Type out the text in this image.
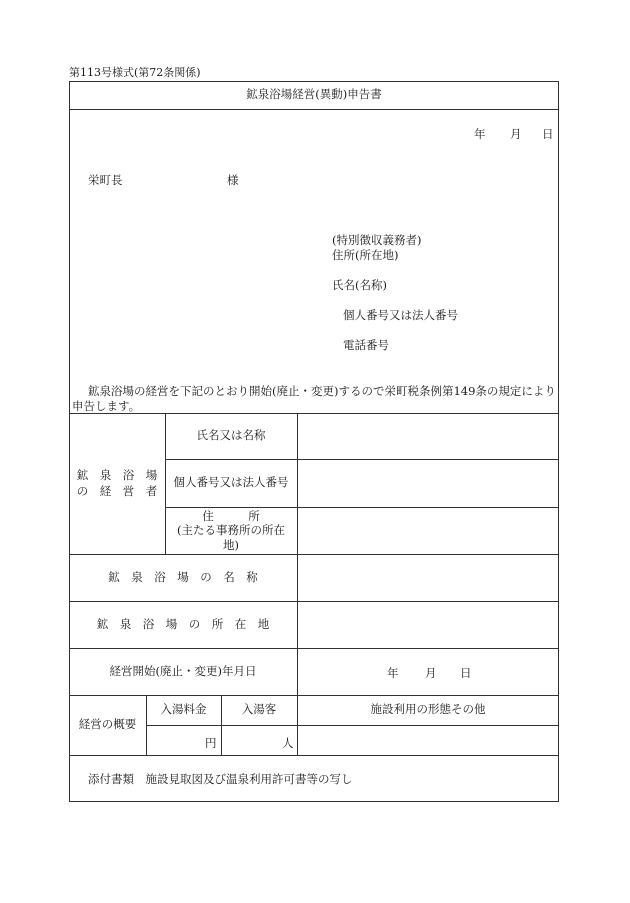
第113号様式(第72条関係)
鉱泉浴場経営(異動)申告書
年 月 日
栄町長	様
(特別徴収義務者)
住所(所在地)
氏名(名称)
個人番号又は法人番号
電話番号
鉱泉浴場の経営を下記のとおり開始(廃止・変更)するので栄町税条例第149条の規定により
申告します。
鉱　泉　浴　場
の　経　営　者
氏名又は名称
個人番号又は法人番号
住　　　所
(主たる事務所の所在
地)
鉱　泉　浴　場　の　名　称
鉱　泉　浴　場　の　所　在　地
経営開始(廃止・変更)年月日	年 月 日
経営の概要
入湯料金	入湯客	施設利用の形態その他
円	人
添付書類　施設見取図及び温泉利用許可書等の写し
